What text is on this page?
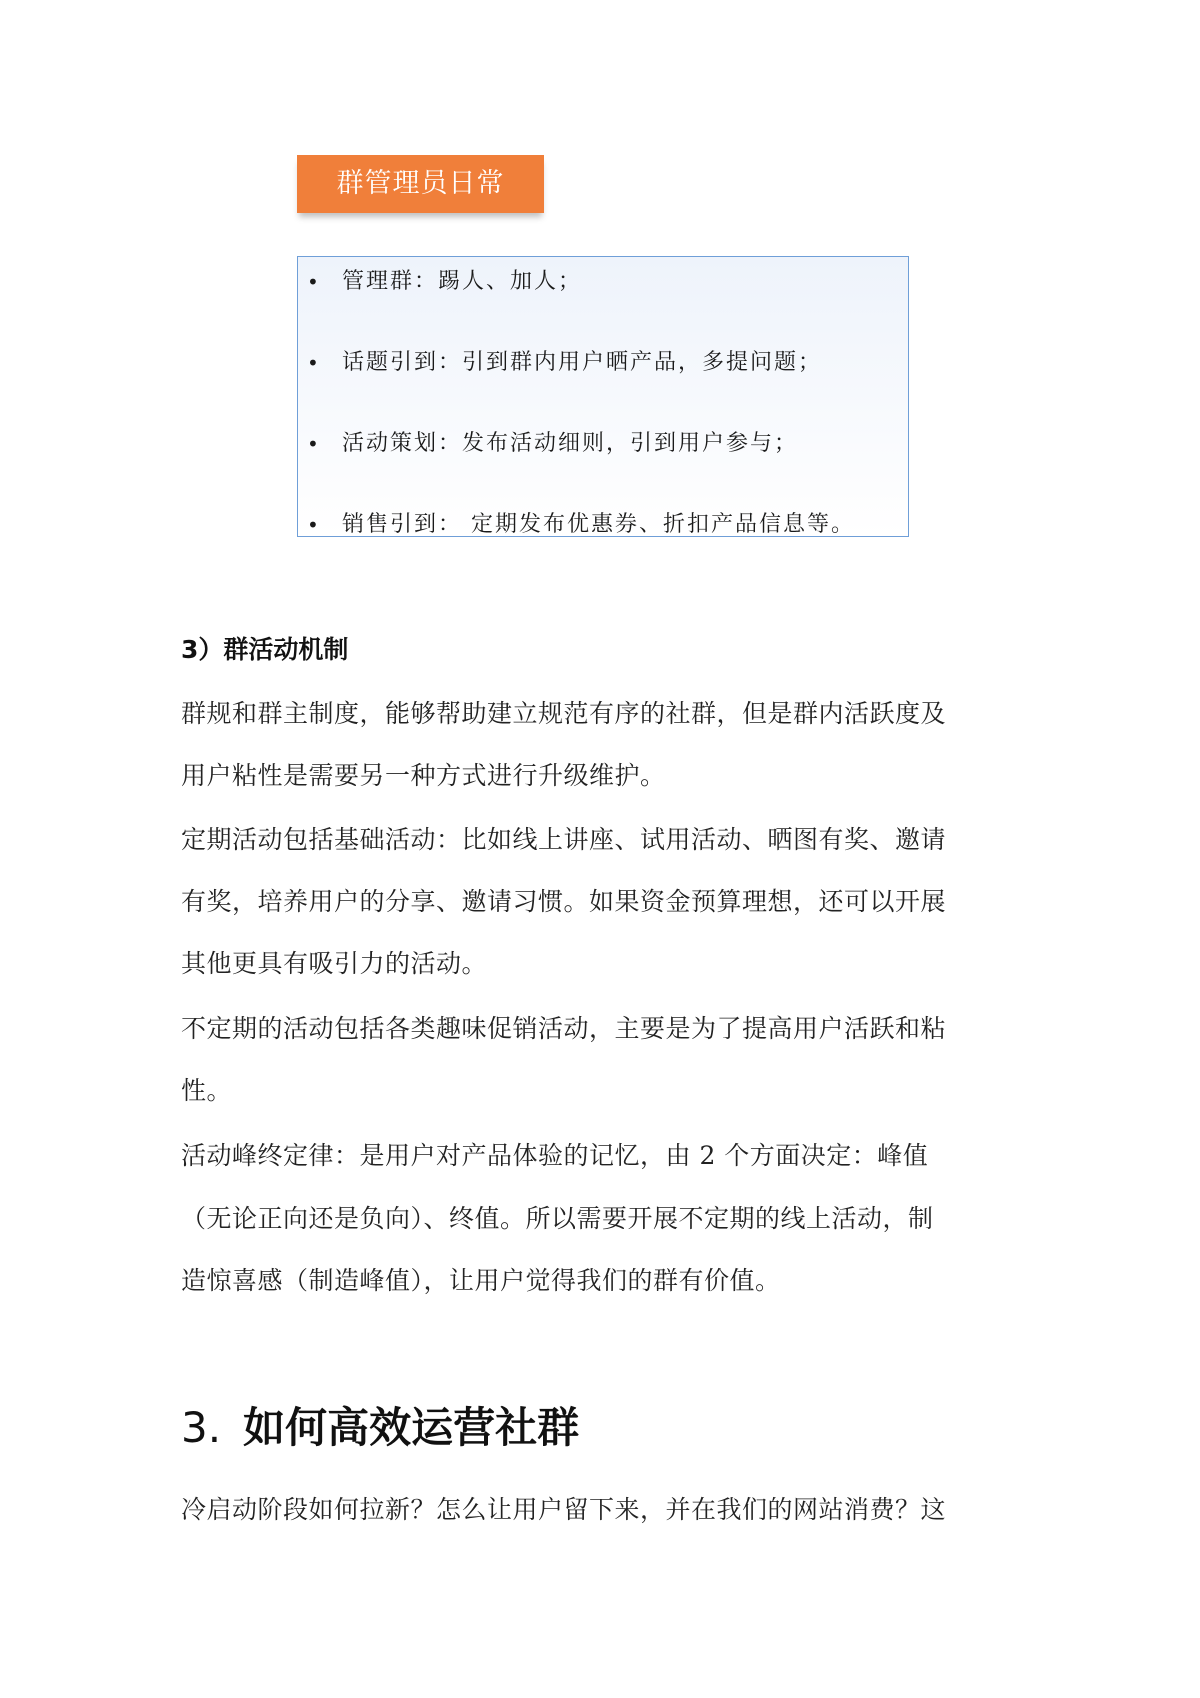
群管理员日常
• 管理群：踢人、加人；
• 话题引到：引到群内用户晒产品，多提问题；
• 活动策划：发布活动细则，引到用户参与；
• 销售引到： 定期发布优惠券、折扣产品信息等。
3）群活动机制
群规和群主制度，能够帮助建立规范有序的社群，但是群内活跃度及
用户粘性是需要另一种方式进行升级维护。
定期活动包括基础活动：比如线上讲座、试用活动、晒图有奖、邀请
有奖，培养用户的分享、邀请习惯。如果资金预算理想，还可以开展
其他更具有吸引力的活动。
不定期的活动包括各类趣味促销活动，主要是为了提高用户活跃和粘
性。
活动峰终定律：是用户对产品体验的记忆，由 2 个方面决定：峰值
（无论正向还是负向）、终值。所以需要开展不定期的线上活动，制
造惊喜感（制造峰值），让用户觉得我们的群有价值。
3. 如何高效运营社群
冷启动阶段如何拉新？怎么让用户留下来，并在我们的网站消费？这
